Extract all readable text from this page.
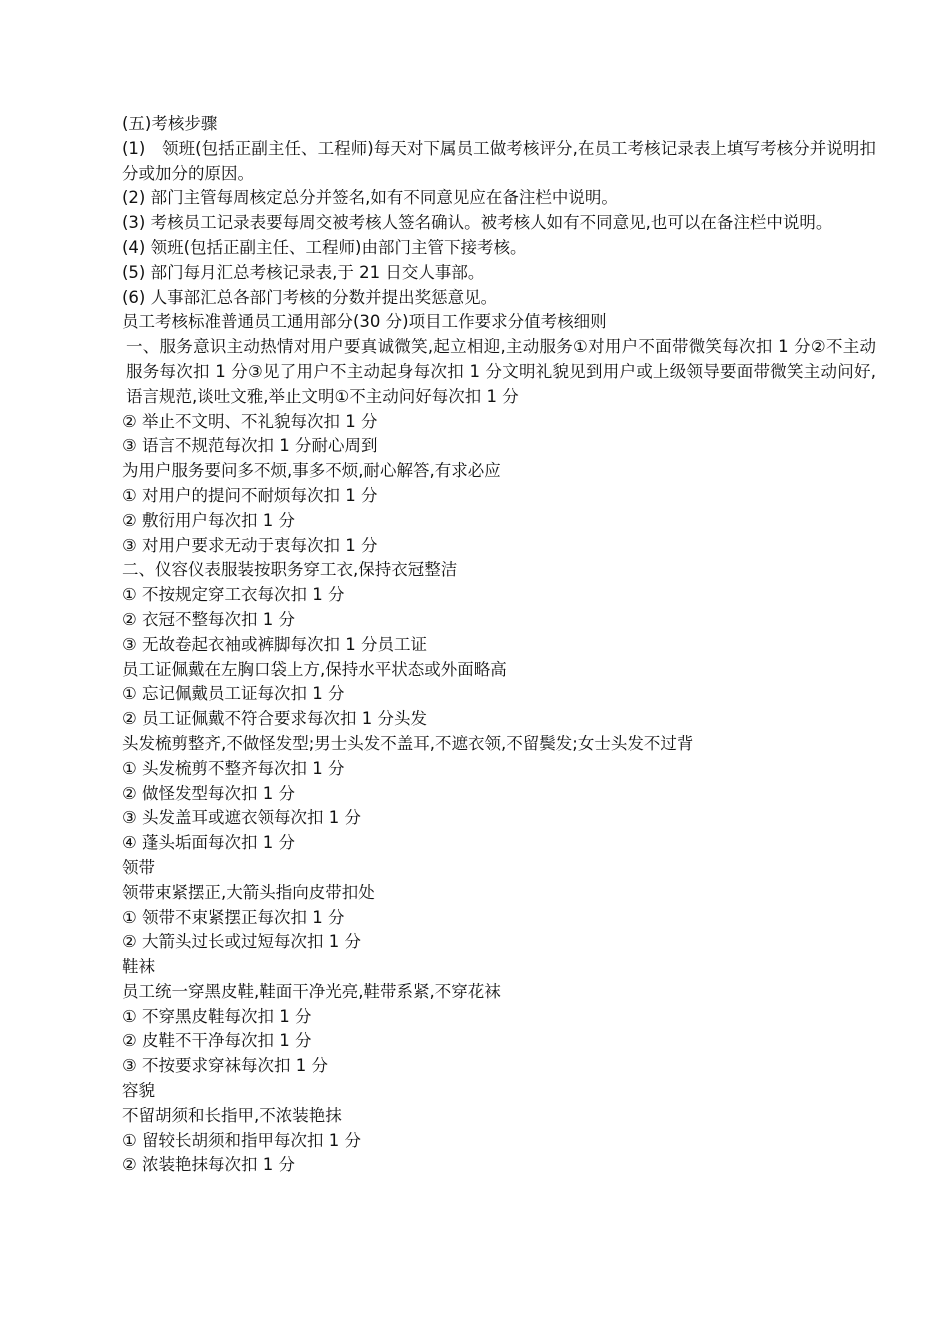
(五)考核步骤
(1)　领班(包括正副主任、工程师)每天对下属员工做考核评分,在员工考核记录表上填写考核分并说明扣分或加分的原因。
(2) 部门主管每周核定总分并签名,如有不同意见应在备注栏中说明。
(3) 考核员工记录表要每周交被考核人签名确认。被考核人如有不同意见,也可以在备注栏中说明。
(4) 领班(包括正副主任、工程师)由部门主管下接考核。
(5) 部门每月汇总考核记录表,于 21 日交人事部。
(6) 人事部汇总各部门考核的分数并提出奖惩意见。
员工考核标准普通员工通用部分(30 分)项目工作要求分值考核细则
一、服务意识主动热情对用户要真诚微笑,起立相迎,主动服务①对用户不面带微笑每次扣 1 分②不主动服务每次扣 1 分③见了用户不主动起身每次扣 1 分文明礼貌见到用户或上级领导要面带微笑主动问好,语言规范,谈吐文雅,举止文明①不主动问好每次扣 1 分
② 举止不文明、不礼貌每次扣 1 分
③ 语言不规范每次扣 1 分耐心周到
为用户服务要问多不烦,事多不烦,耐心解答,有求必应
① 对用户的提问不耐烦每次扣 1 分
② 敷衍用户每次扣 1 分
③ 对用户要求无动于衷每次扣 1 分
二、仪容仪表服装按职务穿工衣,保持衣冠整洁
① 不按规定穿工衣每次扣 1 分
② 衣冠不整每次扣 1 分
③ 无故卷起衣袖或裤脚每次扣 1 分员工证
员工证佩戴在左胸口袋上方,保持水平状态或外面略高
① 忘记佩戴员工证每次扣 1 分
② 员工证佩戴不符合要求每次扣 1 分头发
头发梳剪整齐,不做怪发型;男士头发不盖耳,不遮衣领,不留鬓发;女士头发不过背
① 头发梳剪不整齐每次扣 1 分
② 做怪发型每次扣 1 分
③ 头发盖耳或遮衣领每次扣 1 分
④ 蓬头垢面每次扣 1 分
领带
领带束紧摆正,大箭头指向皮带扣处
① 领带不束紧摆正每次扣 1 分
② 大箭头过长或过短每次扣 1 分
鞋袜
员工统一穿黑皮鞋,鞋面干净光亮,鞋带系紧,不穿花袜
① 不穿黑皮鞋每次扣 1 分
② 皮鞋不干净每次扣 1 分
③ 不按要求穿袜每次扣 1 分
容貌
不留胡须和长指甲,不浓装艳抹
① 留较长胡须和指甲每次扣 1 分
② 浓装艳抹每次扣 1 分
